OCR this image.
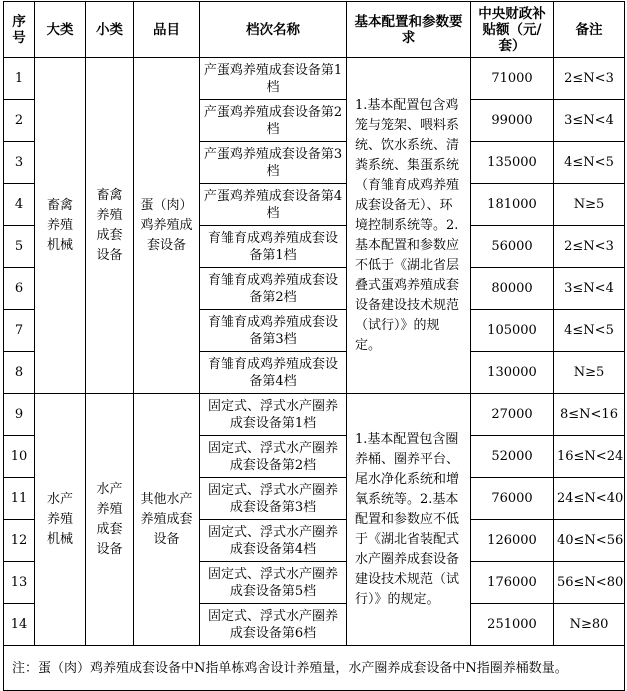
序号	大类	小类	品目	档次名称	基本配置和参数要求	中央财政补贴额（元/套）	备注
1	畜禽养殖机械	畜禽养殖成套设备	蛋（肉）鸡养殖成套设备	产蛋鸡养殖成套设备第1档	1.基本配置包含鸡笼与笼架、喂料系统、饮水系统、清粪系统、集蛋系统（育雏育成鸡养殖成套设备无）、环境控制系统等。2.基本配置和参数应不低于《湖北省层叠式蛋鸡养殖成套设备建设技术规范（试行）》的规定。	71000	2≤N<3
2				产蛋鸡养殖成套设备第2档		99000	3≤N<4
3				产蛋鸡养殖成套设备第3档		135000	4≤N<5
4				产蛋鸡养殖成套设备第4档		181000	N≥5
5				育雏育成鸡养殖成套设备第1档		56000	2≤N<3
6				育雏育成鸡养殖成套设备第2档		80000	3≤N<4
7				育雏育成鸡养殖成套设备第3档		105000	4≤N<5
8				育雏育成鸡养殖成套设备第4档		130000	N≥5
9	水产养殖机械	水产养殖成套设备	其他水产养殖成套设备	固定式、浮式水产圈养成套设备第1档	1.基本配置包含圈养桶、圈养平台、尾水净化系统和增氧系统等。2.基本配置和参数应不低于《湖北省装配式水产圈养成套设备建设技术规范（试行）》的规定。	27000	8≤N<16
10				固定式、浮式水产圈养成套设备第2档		52000	16≤N<24
11				固定式、浮式水产圈养成套设备第3档		76000	24≤N<40
12				固定式、浮式水产圈养成套设备第4档		126000	40≤N<56
13				固定式、浮式水产圈养成套设备第5档		176000	56≤N<80
14				固定式、浮式水产圈养成套设备第6档		251000	N≥80
注：蛋（肉）鸡养殖成套设备中N指单栋鸡舍设计养殖量，水产圈养成套设备中N指圈养桶数量。							
